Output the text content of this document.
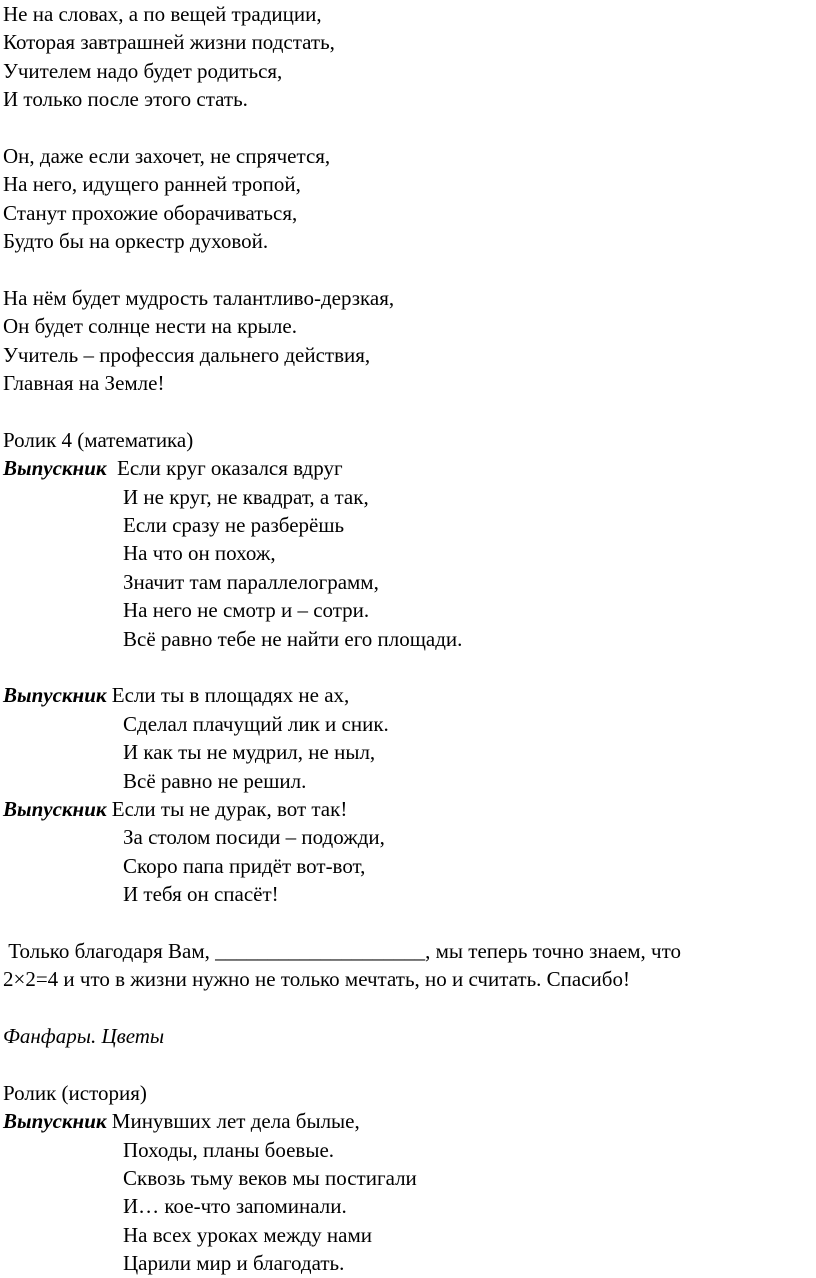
Не на словах, а по вещей традиции,
Которая завтрашней жизни подстать,
Учителем надо будет родиться,
И только после этого стать.
Он, даже если захочет, не спрячется,
На него, идущего ранней тропой,
Станут прохожие оборачиваться,
Будто бы на оркестр духовой.
На нём будет мудрость талантливо-дерзкая,
Он будет солнце нести на крыле.
Учитель – профессия дальнего действия,
Главная на Земле!
Ролик 4 (математика)
Выпускник  Если круг оказался вдруг
И не круг, не квадрат, а так,
Если сразу не разберёшь
На что он похож,
Значит там параллелограмм,
На него не смотр и – сотри.
Всё равно тебе не найти его площади.
Выпускник Если ты в площадях не ах,
Сделал плачущий лик и сник.
И как ты не мудрил, не ныл,
Всё равно не решил.
Выпускник Если ты не дурак, вот так!
За столом посиди – подожди,
Скоро папа придёт вот-вот,
И тебя он спасёт!
Только благодаря Вам, ____________________, мы теперь точно знаем, что
2×2=4 и что в жизни нужно не только мечтать, но и считать. Спасибо!
Фанфары. Цветы
Ролик (история)
Выпускник Минувших лет дела былые,
Походы, планы боевые.
Сквозь тьму веков мы постигали
И… кое-что запоминали.
На всех уроках между нами
Царили мир и благодать.
